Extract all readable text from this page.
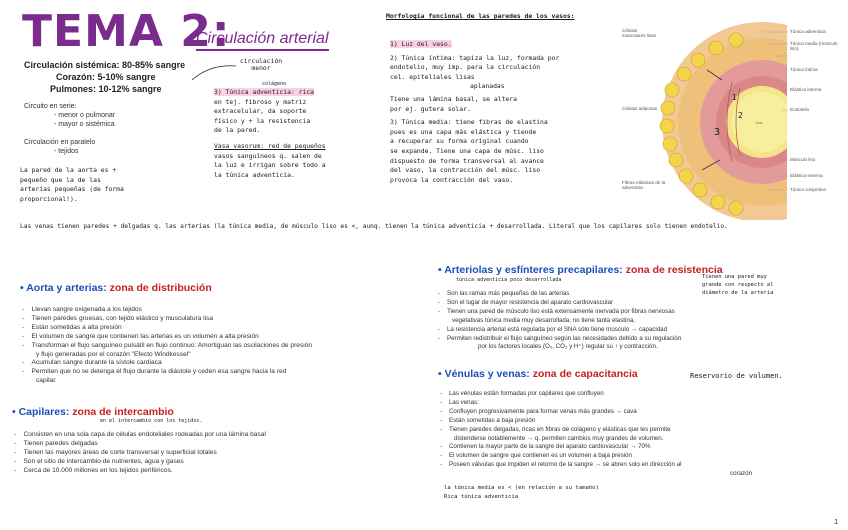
TEMA 2:
Circulación arterial
Circulación sistémica: 80-85% sangre
Corazón: 5-10% sangre
Pulmones: 10-12% sangre
circulación menor
Circuito en serie:
- menor o pulmonar
- mayor o sistémica
Circulación en paralelo
- tejidos
La pared de la aorta es +
pequeño que la de las
arterias pequeñas (de forma
proporcional!).
3) Túnica adventicia: rica
en tej. fibroso y matriz
extracelular, da soporte
físico y + la resistencia
de la pared.
Vasa vasorum: red de pequeños
vasos sanguíneos q. salen de
la luz e irrigan sobre todo a
la túnica adventicia.
colágeno
Morfología funcional de las paredes de los vasos:
1) Luz del vaso.
2) Túnica íntima: tapiza la luz, formada por
endotelio, muy imp. para la circulación
cel. epiteliales lisas
aplanadas
Tiene una lámina basal, se altera
por ej. gutera solar.
3) Túnica media: tiene fibras de elastina
pues es una capa más elástica y tiende
a recuperar su forma original cuando
se expande. Tiene una capa de músc. liso
dispuesto de forma transversal al avance
del vaso, la contracción del músc. liso
provoca la contracción del vaso.
1
2
3
Luz
Células musculares lisas
Células adiposas
Fibras elásticas de la adventicia
Túnica adventicia
Túnica media (músculo liso)
Túnica íntima
Elástica interna
Endotelio
Músculo liso
Elástica externa
Túnica conjuntiva
Las venas tienen paredes + delgadas q. las arterias (la túnica media, de músculo liso es <, aunq. tienen la túnica adventicia + desarrollada. Literal que los capilares solo tienen endotelio.
• Aorta y arterias: zona de distribución
-    Llevan sangre oxigenada a los tejidos
-    Tienen paredes gruesas, con tejido elástico y musculatura lisa
-    Están sometidas a alta presión
-    El volumen de sangre que contienen las arterias es un volumen a alta presión
-    Transforman el flujo sanguíneo pulsátil en flujo continuo: Amortiguan las oscilaciones de presión
y flujo generadas por el corazón "Efecto Windkessel"
-    Acumulan sangre durante la sístole cardiaca
-    Permiten que no se detenga el flujo durante la diástole y ceden esa sangre hacia la red
capilar.
• Capilares: zona de intercambio
en el intercambio con los tejidos.
-    Consisten en una sola capa de células endoteliales rodeadas por una lámina basal
-    Tienen paredes delgadas
-    Tienen las mayores áreas de corte transversal y superficial totales
-    Son el sitio de intercambio de nutrientes, agua y gases
-    Cerca de 10.000 millones en los tejidos periféricos.
• Arteriolas y esfínteres precapilares: zona de resistencia
túnica adventicia poco desarrollada	Tienen una pared muy
grande con respecto al
diámetro de la arteria
-    Son las ramas más pequeñas de las arterias
-    Son el lugar de mayor resistencia del aparato cardiovascular
-    Tienen una pared de músculo liso está extensamente inervada por fibras nerviosas
vegetativas túnica media muy desarrollada, no tiene tanta elastina,
-    La resistencia arterial está regulada por el SNA sólo tiene músculo → capacidad
-    Permiten redistribuir el flujo sanguíneo según las necesidades debido a su regulación
por los factores locales (O₂, CO₂ y H⁺) regular su ↑ y contracción.
• Vénulas y venas: zona de capacitancia	Reservorio de volumen.
-    Las vénulas están formadas por capilares que confluyen
-    Las venas:
-    Confluyen progresivamente para formar venas más grandes → cava
-    Están sometidas a baja presión
-    Tienen paredes delgadas, ricas en fibras de colágeno y elásticas que les permite
distenderse notablemente → q. permiten cambios muy grandes de volumen.
-    Contienen la mayor parte de la sangre del aparato cardiovascular → 70%
-    El volumen de sangre que contienen es un volumen a baja presión
-    Poseen válvulas que impiden el retorno de la sangre → se abren solo en dirección al
corazón
la túnica media es < (en relación a su tamaño)
Rica túnica adventicia
1
